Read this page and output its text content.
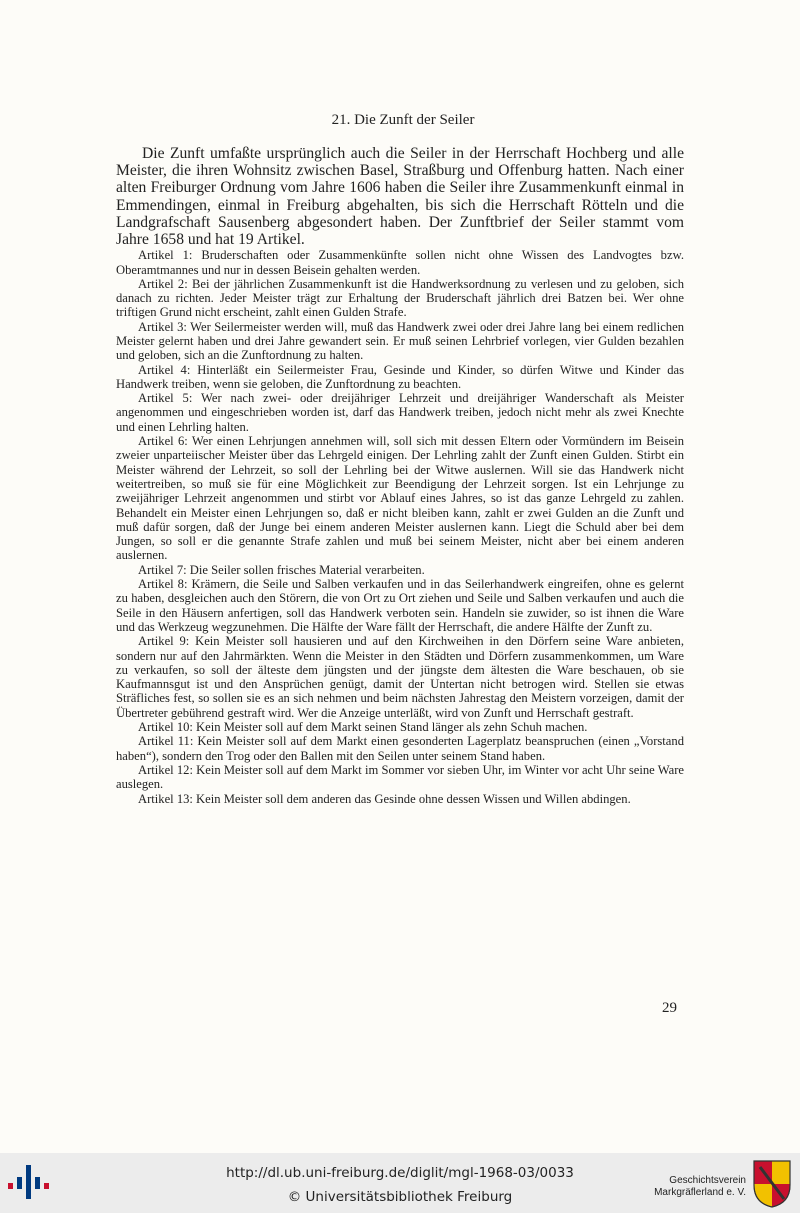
21. Die Zunft der Seiler

Die Zunft umfaßte ursprünglich auch die Seiler in der Herrschaft Hochberg und alle Meister, die ihren Wohnsitz zwischen Basel, Straßburg und Offenburg hatten. Nach einer alten Freiburger Ordnung vom Jahre 1606 haben die Seiler ihre Zusammenkunft einmal in Emmendingen, einmal in Freiburg abgehalten, bis sich die Herrschaft Rötteln und die Landgrafschaft Sausenberg abgesondert haben. Der Zunftbrief der Seiler stammt vom Jahre 1658 und hat 19 Artikel.

Artikel 1: Bruderschaften oder Zusammenkünfte sollen nicht ohne Wissen des Landvogtes bzw. Oberamtmannes und nur in dessen Beisein gehalten werden.

Artikel 2: Bei der jährlichen Zusammenkunft ist die Handwerksordnung zu verlesen und zu geloben, sich danach zu richten. Jeder Meister trägt zur Erhaltung der Bruderschaft jährlich drei Batzen bei. Wer ohne triftigen Grund nicht erscheint, zahlt einen Gulden Strafe.

Artikel 3: Wer Seilermeister werden will, muß das Handwerk zwei oder drei Jahre lang bei einem redlichen Meister gelernt haben und drei Jahre gewandert sein. Er muß seinen Lehrbrief vorlegen, vier Gulden bezahlen und geloben, sich an die Zunftordnung zu halten.

Artikel 4: Hinterläßt ein Seilermeister Frau, Gesinde und Kinder, so dürfen Witwe und Kinder das Handwerk treiben, wenn sie geloben, die Zunftordnung zu beachten.

Artikel 5: Wer nach zwei- oder dreijähriger Lehrzeit und dreijähriger Wanderschaft als Meister angenommen und eingeschrieben worden ist, darf das Handwerk treiben, jedoch nicht mehr als zwei Knechte und einen Lehrling halten.

Artikel 6: Wer einen Lehrjungen annehmen will, soll sich mit dessen Eltern oder Vormündern im Beisein zweier unparteiischer Meister über das Lehrgeld einigen. Der Lehrling zahlt der Zunft einen Gulden. Stirbt ein Meister während der Lehrzeit, so soll der Lehrling bei der Witwe auslernen. Will sie das Handwerk nicht weitertreiben, so muß sie für eine Möglichkeit zur Beendigung der Lehrzeit sorgen. Ist ein Lehrjunge zu zweijähriger Lehrzeit angenommen und stirbt vor Ablauf eines Jahres, so ist das ganze Lehrgeld zu zahlen. Behandelt ein Meister einen Lehrjungen so, daß er nicht bleiben kann, zahlt er zwei Gulden an die Zunft und muß dafür sorgen, daß der Junge bei einem anderen Meister auslernen kann. Liegt die Schuld aber bei dem Jungen, so soll er die genannte Strafe zahlen und muß bei seinem Meister, nicht aber bei einem anderen auslernen.

Artikel 7: Die Seiler sollen frisches Material verarbeiten.

Artikel 8: Krämern, die Seile und Salben verkaufen und in das Seilerhandwerk eingreifen, ohne es gelernt zu haben, desgleichen auch den Störern, die von Ort zu Ort ziehen und Seile und Salben verkaufen und auch die Seile in den Häusern anfertigen, soll das Handwerk verboten sein. Handeln sie zuwider, so ist ihnen die Ware und das Werkzeug wegzunehmen. Die Hälfte der Ware fällt der Herrschaft, die andere Hälfte der Zunft zu.

Artikel 9: Kein Meister soll hausieren und auf den Kirchweihen in den Dörfern seine Ware anbieten, sondern nur auf den Jahrmärkten. Wenn die Meister in den Städten und Dörfern zusammenkommen, um Ware zu verkaufen, so soll der älteste dem jüngsten und der jüngste dem ältesten die Ware beschauen, ob sie Kaufmannsgut ist und den Ansprüchen genügt, damit der Untertan nicht betrogen wird. Stellen sie etwas Sträfliches fest, so sollen sie es an sich nehmen und beim nächsten Jahrestag den Meistern vorzeigen, damit der Übertreter gebührend gestraft wird. Wer die Anzeige unterläßt, wird von Zunft und Herrschaft gestraft.

Artikel 10: Kein Meister soll auf dem Markt seinen Stand länger als zehn Schuh machen.

Artikel 11: Kein Meister soll auf dem Markt einen gesonderten Lagerplatz beanspruchen (einen „Vorstand haben“), sondern den Trog oder den Ballen mit den Seilen unter seinem Stand haben.

Artikel 12: Kein Meister soll auf dem Markt im Sommer vor sieben Uhr, im Winter vor acht Uhr seine Ware auslegen.

Artikel 13: Kein Meister soll dem anderen das Gesinde ohne dessen Wissen und Willen abdingen.

29
http://dl.ub.uni-freiburg.de/diglit/mgl-1968-03/0033
© Universitätsbibliothek Freiburg
Geschichtsverein
Markgräflerland e. V.
